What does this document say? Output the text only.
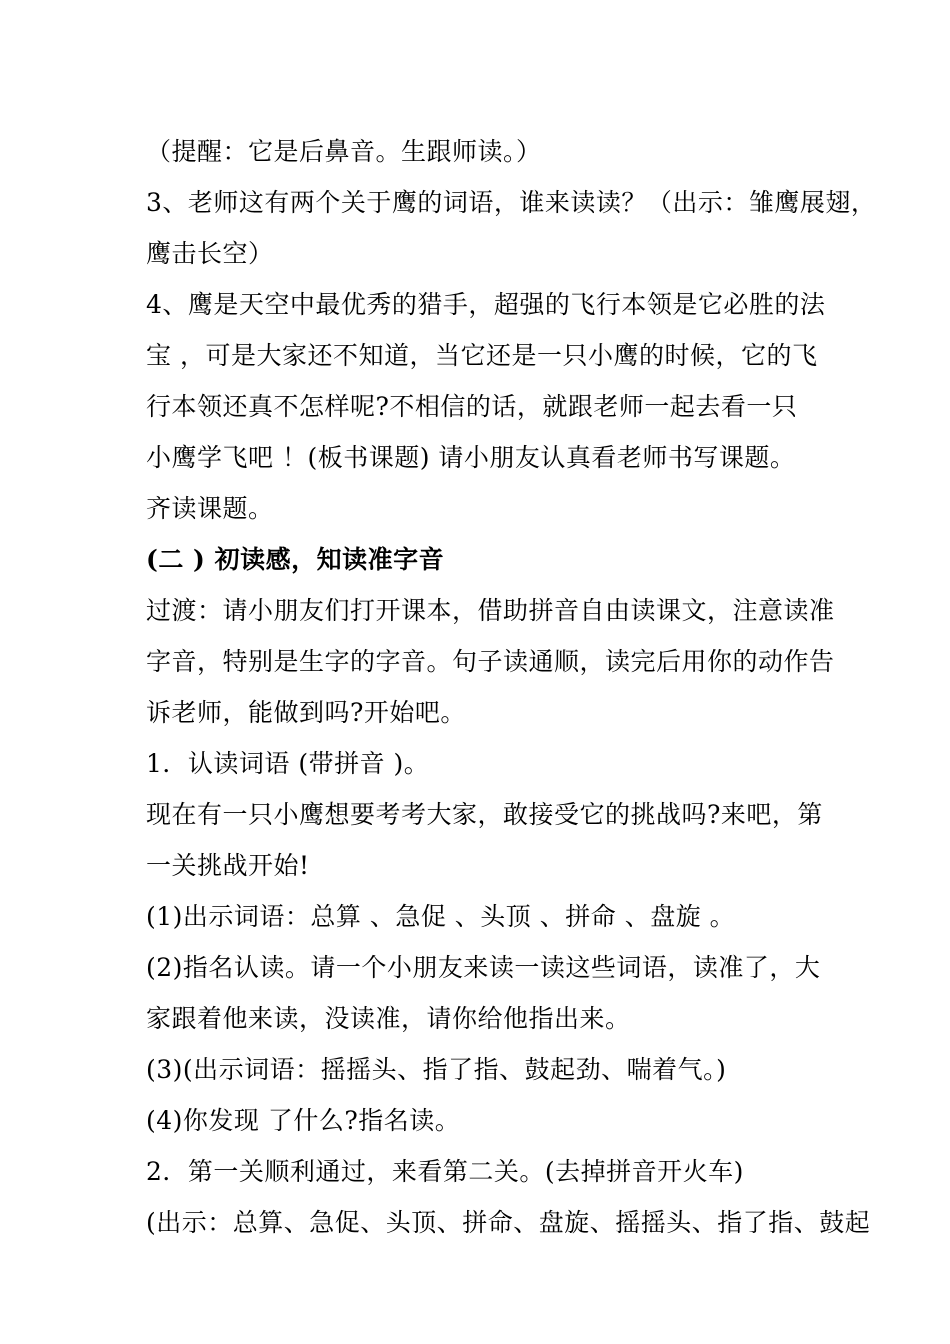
（提醒：它是后鼻音。生跟师读。）
3、老师这有两个关于鹰的词语，谁来读读？（出示：雏鹰展翅，
鹰击长空）
4、鹰是天空中最优秀的猎手，超强的飞行本领是它必胜的法
宝 ，可是大家还不知道，当它还是一只小鹰的时候，它的飞
行本领还真不怎样呢?不相信的话，就跟老师一起去看一只
小鹰学飞吧 ！(板书课题) 请小朋友认真看老师书写课题。
齐读课题。
(二 ) 初读感，知读准字音
过渡：请小朋友们打开课本，借助拼音自由读课文，注意读准
字音，特别是生字的字音。句子读通顺，读完后用你的动作告
诉老师，能做到吗?开始吧。
1．认读词语 (带拼音 )。
现在有一只小鹰想要考考大家，敢接受它的挑战吗?来吧，第
一关挑战开始!
(1)出示词语：总算 、急促 、头顶 、拼命 、盘旋 。
(2)指名认读。请一个小朋友来读一读这些词语，读准了，大
家跟着他来读，没读准，请你给他指出来。
(3)(出示词语：摇摇头、指了指、鼓起劲、喘着气。)
(4)你发现 了什么?指名读。
2．第一关顺利通过，来看第二关。(去掉拼音开火车)
(出示：总算、急促、头顶、拼命、盘旋、摇摇头、指了指、鼓起
